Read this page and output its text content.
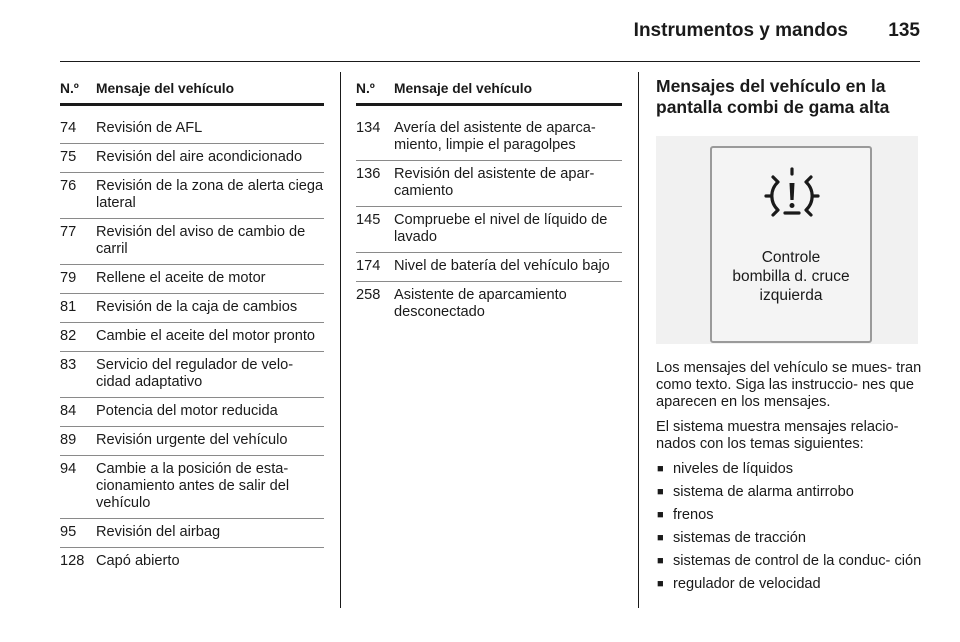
Instrumentos y mandos 135
N.º	Mensaje del vehículo
74	Revisión de AFL
75	Revisión del aire acondicionado
76	Revisión de la zona de alerta ciega lateral
77	Revisión del aviso de cambio de carril
79	Rellene el aceite de motor
81	Revisión de la caja de cambios
82	Cambie el aceite del motor pronto
83	Servicio del regulador de velo- cidad adaptativo
84	Potencia del motor reducida
89	Revisión urgente del vehículo
94	Cambie a la posición de esta- cionamiento antes de salir del vehículo
95	Revisión del airbag
128 Capó abierto
N.º	Mensaje del vehículo
134 Avería del asistente de aparca- miento, limpie el paragolpes
136 Revisión del asistente de apar- camiento
145 Compruebe el nivel de líquido de lavado
174 Nivel de batería del vehículo bajo
258 Asistente de aparcamiento desconectado
Mensajes del vehículo en la pantalla combi de gama alta
Controle
bombilla d. cruce
izquierda

Los mensajes del vehículo se mues- tran como texto. Siga las instruccio- nes que aparecen en los mensajes.

El sistema muestra mensajes relacio- nados con los temas siguientes:

■ niveles de líquidos
■ sistema de alarma antirrobo
■ frenos
■ sistemas de tracción
■ sistemas de control de la conduc- ción
■ regulador de velocidad
